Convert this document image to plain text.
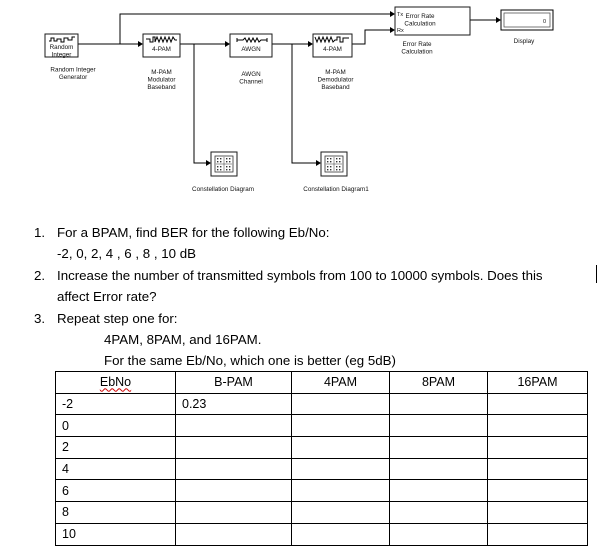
Random Integer
Random Integer Generator
4-PAM
M-PAM Modulator Baseband
AWGN
AWGN Channel
4-PAM
M-PAM Demodulator Baseband
Tx
Rx
Error Rate Calculation
Error Rate Calculation
0
Display
Constellation Diagram	Constellation Diagram1
1. For a BPAM, find BER for the following Eb/No:
-2, 0, 2, 4 , 6 , 8 , 10 dB
2. Increase the number of transmitted symbols from 100 to 10000 symbols. Does this
affect Error rate?
3. Repeat step one for:
4PAM, 8PAM, and 16PAM.
For the same Eb/No, which one is better (eg 5dB)
EbNo	B-PAM	4PAM	8PAM	16PAM
-2	0.23			
0				
2				
4				
6				
8				
10				
